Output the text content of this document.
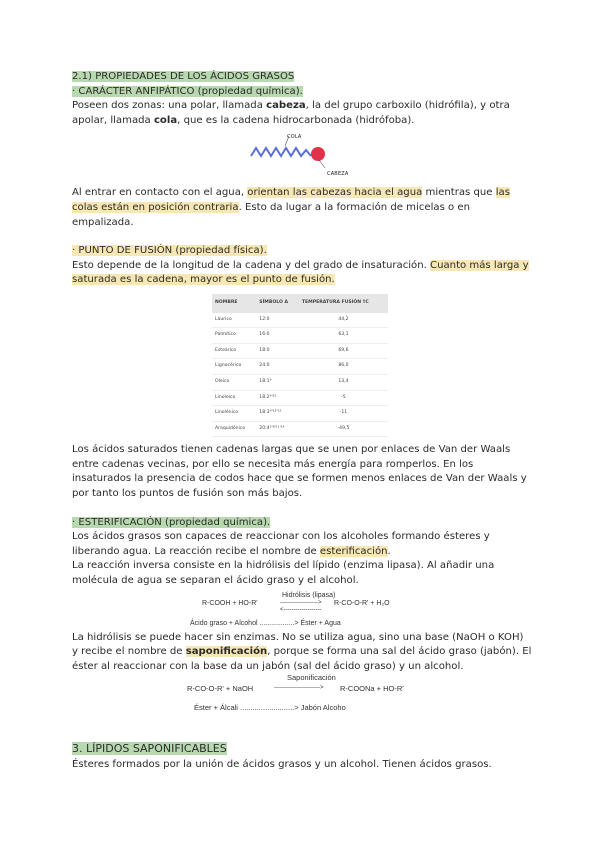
2.1) PROPIEDADES DE LOS ÁCIDOS GRASOS

· CARÁCTER ANFIPÁTICO (propiedad química).

Poseen dos zonas: una polar, llamada cabeza, la del grupo carboxilo (hidrófila), y otra apolar, llamada cola, que es la cadena hidrocarbonada (hidrófoba).

COLA
CABEZA

Al entrar en contacto con el agua, orientan las cabezas hacia el agua mientras que las colas están en posición contraria. Esto da lugar a la formación de micelas o en empalizada.

· PUNTO DE FUSIÓN (propiedad física).

Esto depende de la longitud de la cadena y del grado de insaturación. Cuanto más larga y saturada es la cadena, mayor es el punto de fusión.

NOMBRE	SÍMBOLO Δ	TEMPERATURA FUSIÓN ºC
Láurico	12:0	44,2
Palmítico	16:0	63,1
Esteárico	18:0	69,6
Lignocérico	24:0	86,0
Oleico	18:1⁹	13,4
Linoleico	18:2⁹'¹²	-5
Linolénico	18:3⁹'¹²'¹⁵	-11
Araquidónico	20:4⁵'⁸'¹¹'¹⁴	-49,5

Los ácidos saturados tienen cadenas largas que se unen por enlaces de Van der Waals entre cadenas vecinas, por ello se necesita más energía para romperlos. En los insaturados la presencia de codos hace que se formen menos enlaces de Van der Waals y por tanto los puntos de fusión son más bajos.

· ESTERIFICACIÓN (propiedad química).

Los ácidos grasos son capaces de reaccionar con los alcoholes formando ésteres y liberando agua. La reacción recibe el nombre de esterificación.

La reacción inversa consiste en la hidrólisis del lípido (enzima lipasa). Al añadir una molécula de agua se separan el ácido graso y el alcohol.

Hidrólisis (lipasa)
R-COOH + HO-R'	------------------->
<-------------------
R-CO-O-R' + H₂O
Ácido graso + Alcohol ..................> Éster + Agua

La hidrólisis se puede hacer sin enzimas. No se utiliza agua, sino una base (NaOH o KOH) y recibe el nombre de saponificación, porque se forma una sal del ácido graso (jabón). El éster al reaccionar con la base da un jabón (sal del ácido graso) y un alcohol.

Saponificación
R-CO-O-R' + NaOH	-----------------------> R-COONa + HO-R'
Éster + Álcali ..........................> Jabón Alcoho

3. LÍPIDOS SAPONIFICABLES

Ésteres formados por la unión de ácidos grasos y un alcohol. Tienen ácidos grasos.
